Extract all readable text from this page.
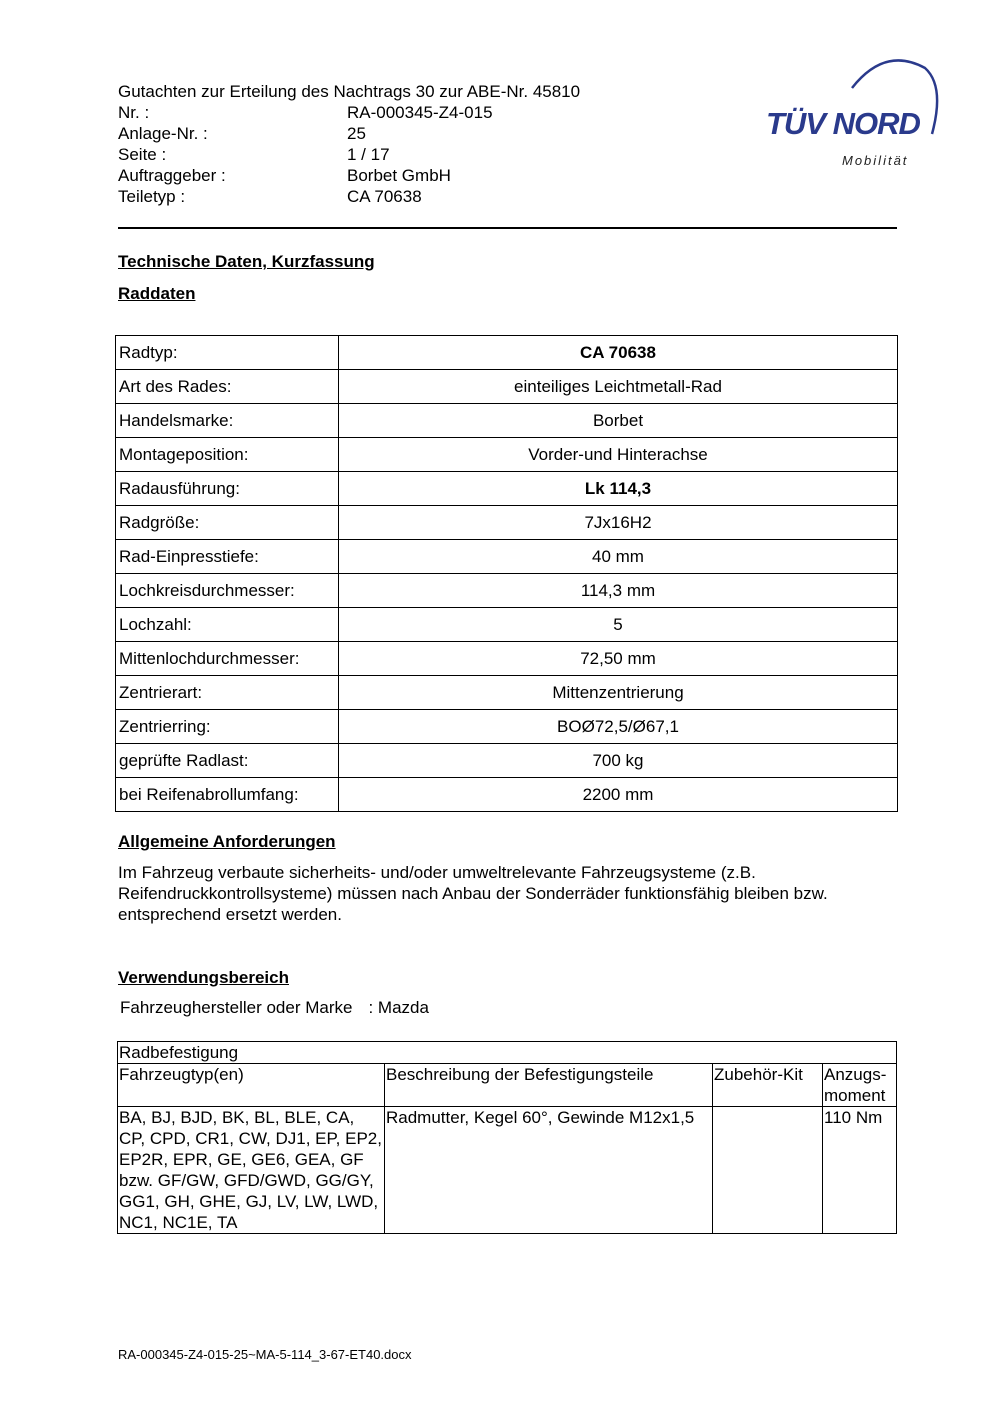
Gutachten zur Erteilung des Nachtrags 30 zur ABE-Nr. 45810
Nr. :	RA-000345-Z4-015
Anlage-Nr. :	25
Seite :	1 / 17
Auftraggeber :	Borbet GmbH
Teiletyp :	CA 70638
TÜV NORD
Mobilität
Technische Daten, Kurzfassung
Raddaten
Radtyp:	CA 70638
Art des Rades:	einteiliges Leichtmetall-Rad
Handelsmarke:	Borbet
Montageposition:	Vorder-und Hinterachse
Radausführung:	Lk 114,3
Radgröße:	7Jx16H2
Rad-Einpresstiefe:	40 mm
Lochkreisdurchmesser:	114,3 mm
Lochzahl:	5
Mittenlochdurchmesser:	72,50 mm
Zentrierart:	Mittenzentrierung
Zentrierring:	BOØ72,5/Ø67,1
geprüfte Radlast:	700 kg
bei Reifenabrollumfang:	2200 mm
Allgemeine Anforderungen
Im Fahrzeug verbaute sicherheits- und/oder umweltrelevante Fahrzeugsysteme (z.B. Reifendruckkontrollsysteme) müssen nach Anbau der Sonderräder funktionsfähig bleiben bzw. entsprechend ersetzt werden.
Verwendungsbereich
Fahrzeughersteller oder Marke : Mazda
Radbefestigung			
Fahrzeugtyp(en)	Beschreibung der Befestigungsteile	Zubehör-Kit	Anzugs-moment
BA, BJ, BJD, BK, BL, BLE, CA, CP, CPD, CR1, CW, DJ1, EP, EP2, EP2R, EPR, GE, GE6, GEA, GF bzw. GF/GW, GFD/GWD, GG/GY, GG1, GH, GHE, GJ, LV, LW, LWD, NC1, NC1E, TA	Radmutter, Kegel 60°, Gewinde M12x1,5		110 Nm
RA-000345-Z4-015-25~MA-5-114_3-67-ET40.docx
